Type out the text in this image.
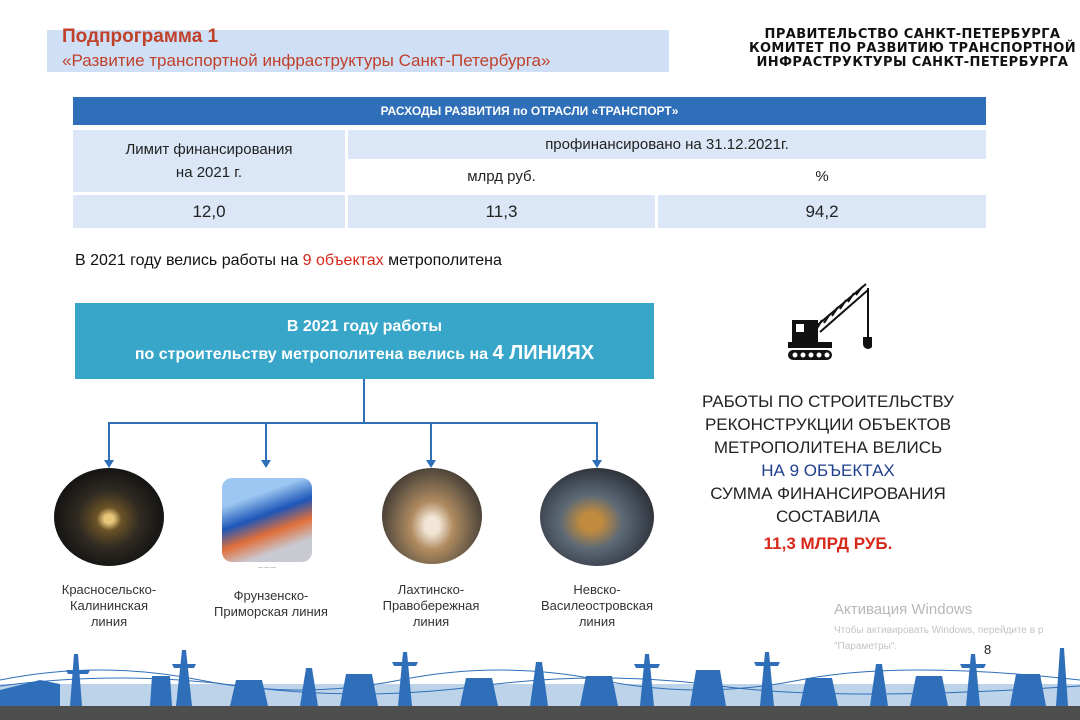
Подпрограмма 1
«Развитие транспортной инфраструктуры Санкт-Петербурга»
ПРАВИТЕЛЬСТВО САНКТ-ПЕТЕРБУРГА
КОМИТЕТ ПО РАЗВИТИЮ ТРАНСПОРТНОЙ
ИНФРАСТРУКТУРЫ САНКТ-ПЕТЕРБУРГА
РАСХОДЫ РАЗВИТИЯ по ОТРАСЛИ «ТРАНСПОРТ»
Лимит финансирования
на 2021 г.
профинансировано на 31.12.2021г.
млрд руб.	%
12,0	11,3	94,2
В 2021 году велись работы на 9 объектах метрополитена
В 2021 году работы
по строительству метрополитена велись на 4 ЛИНИЯХ
— — —
Красносельско-
Калининская
линия
Фрунзенско-
Приморская линия
Лахтинско-
Правобережная
линия
Невско-
Василеостровская
линия
РАБОТЫ ПО СТРОИТЕЛЬСТВУ
РЕКОНСТРУКЦИИ ОБЪЕКТОВ
МЕТРОПОЛИТЕНА ВЕЛИСЬ
НА 9 ОБЪЕКТАХ
СУММА ФИНАНСИРОВАНИЯ
СОСТАВИЛА
11,3 МЛРД РУБ.
Активация Windows
Чтобы активировать Windows, перейдите в р
"Параметры".	8
